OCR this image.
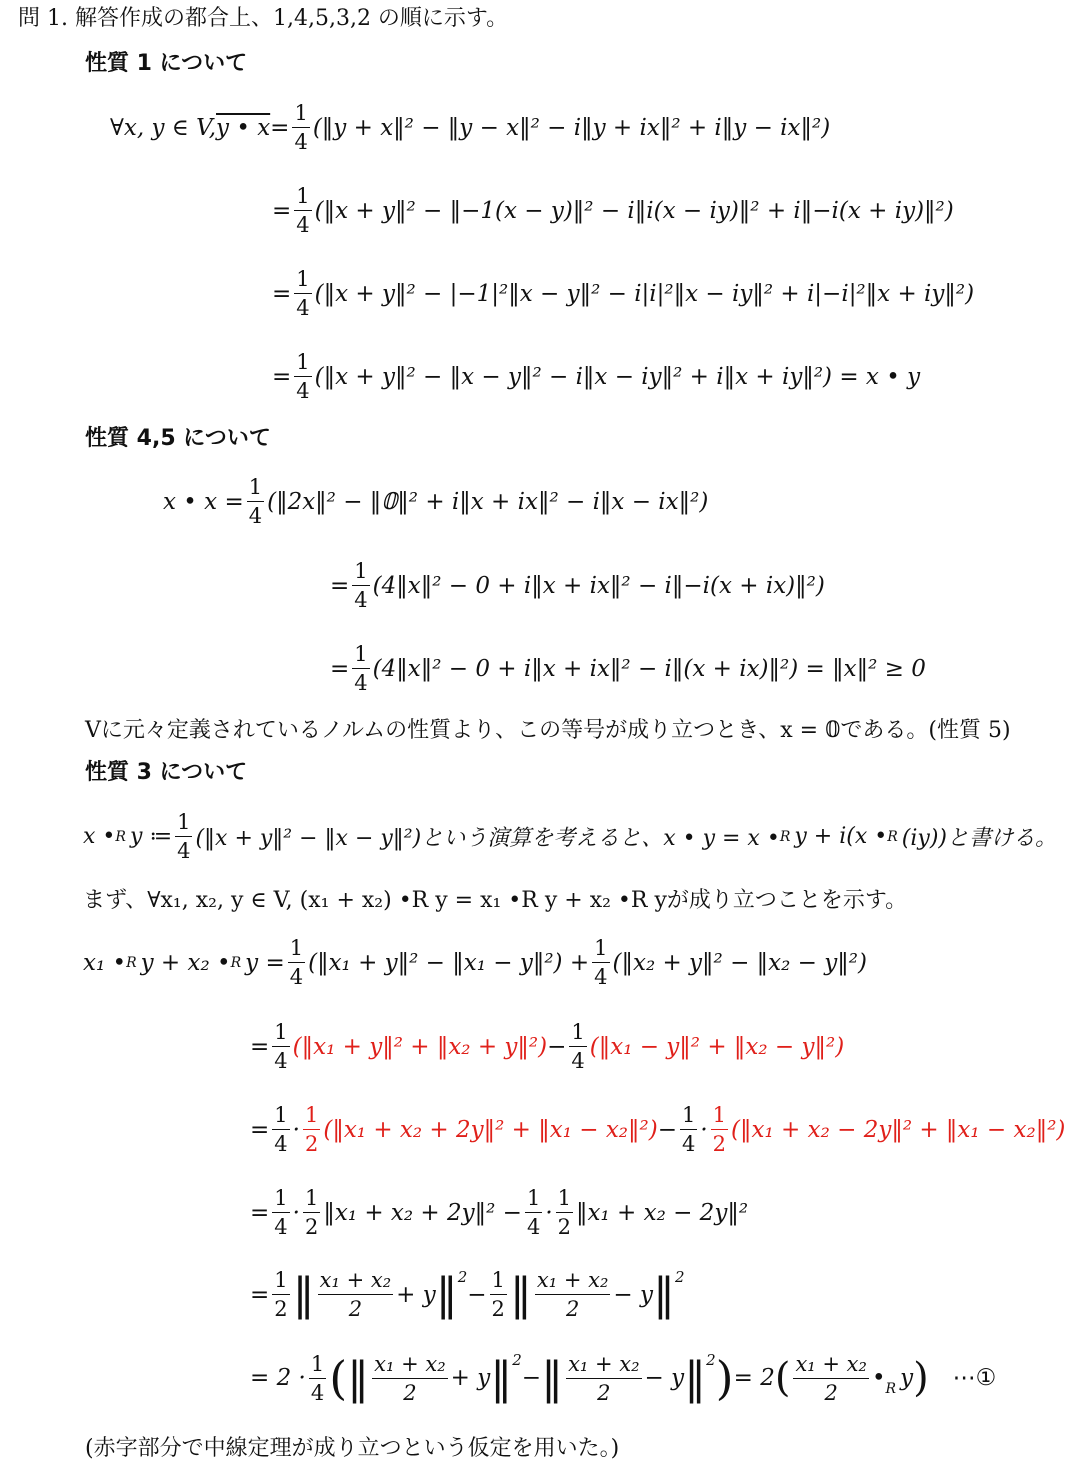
問 1. 解答作成の都合上、1,4,5,3,2 の順に示す。
性質 1 について
∀x, y ∈ V, y • $x = \frac{1}{4}$ (‖y + x‖² − ‖y − x‖² − i‖y + ix‖² + i‖y − ix‖²)
= $\frac{1}{4}$ (‖x + y‖² − ‖−1(x − y)‖² − i‖i(x − iy)‖² + i‖−i(x + iy)‖²)
= $\frac{1}{4}$ (‖x + y‖² − |−1|²‖x − y‖² − i|i|²‖x − iy‖² + i|−i|²‖x + iy‖²)
= $\frac{1}{4}$ (‖x + y‖² − ‖x − y‖² − i‖x − iy‖² + i‖x + iy‖²) = x • y
性質 4,5 について
x • $x = \frac{1}{4}$ (‖2x‖² − ‖𝟘‖² + i‖x + ix‖² − i‖x − ix‖²)
= $\frac{1}{4}$ (4‖x‖² − 0 + i‖x + ix‖² − i‖−i(x + ix)‖²)
= $\frac{1}{4}$ (4‖x‖² − 0 + i‖x + ix‖² − i‖(x + ix)‖²) = ‖x‖² ≥ 0
Vに元々定義されているノルムの性質より、この等号が成り立つとき、x = 𝟘である。(性質 5)
性質 3 について
x • R y ≔ $\frac{1}{4}$ (‖x + y‖² − ‖x − y‖²)という演算を考えると、x • y = x • R y + i(x • R (iy))と書ける。
まず、∀x₁, x₂, y ∈ V, (x₁ + x₂) •R y = x₁ •R y + x₂ •R yが成り立つことを示す。
x₁ • R y + x₂ • R $y = \frac{1}{4}$ (‖x₁ + y‖² − ‖x₁ − y‖²) + $\frac{1}{4}$ (‖x₂ + y‖² − ‖x₂ − y‖²)
= $\frac{1}{4}$ (‖x₁ + y‖² + ‖x₂ + y‖²) − $\frac{1}{4}$ (‖x₁ − y‖² + ‖x₂ − y‖²)
= $\frac{1}{4} \cdot \frac{1}{2}$ (‖x₁ + x₂ + 2y‖² + ‖x₁ − x₂‖²) − $\frac{1}{4} \cdot \frac{1}{2}$ (‖x₁ + x₂ − 2y‖² + ‖x₁ − x₂‖²)
= $\frac{1}{4} \cdot \frac{1}{2}$ ‖x₁ + x₂ + 2y‖² − $\frac{1}{4} \cdot \frac{1}{2}$ ‖x₁ + x₂ − 2y‖²
= $\frac{1}{2}$ ‖ $\frac{\text{x₁ + x₂}}{2} + y$ ‖$^2$
− $\frac{1}{2}$ ‖ $\frac{\text{x₁ + x₂}}{2} - y$ ‖$^2$
= $2 \cdot \frac{1}{4}$ ( ‖ $\frac{\text{x₁ + x₂}}{2} + y$ ‖$^2$
− ‖ $\frac{\text{x₁ + x₂}}{2} - y$ ‖$^2$ ) = 2 ( $\frac{\text{x₁ + x₂}}{2}$ $•_R$ y ) ⋯①
(赤字部分で中線定理が成り立つという仮定を用いた。)
